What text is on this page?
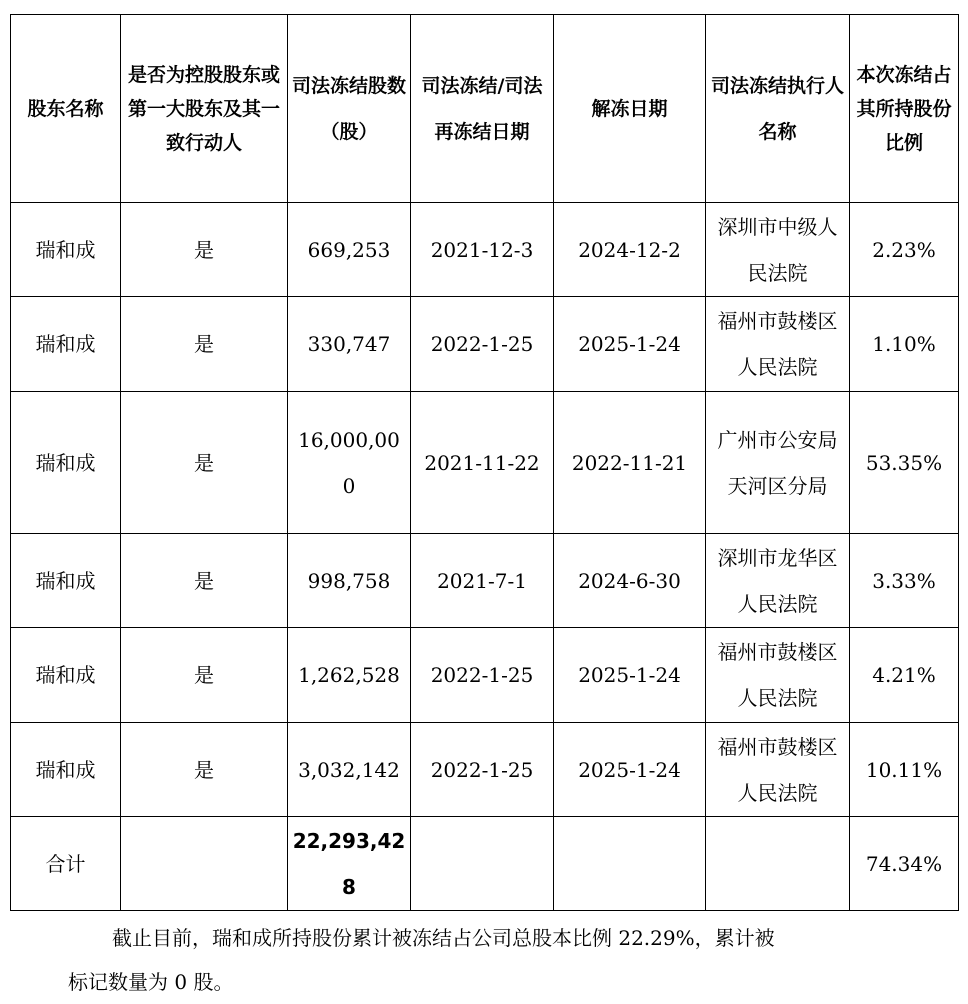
股东名称	是否为控股股东或第一大股东及其一致行动人	司法冻结股数（股）	司法冻结/司法再冻结日期	解冻日期	司法冻结执行人名称	本次冻结占其所持股份比例
瑞和成	是	669,253	2021-12-3	2024-12-2	深圳市中级人民法院	2.23%
瑞和成	是	330,747	2022-1-25	2025-1-24	福州市鼓楼区人民法院	1.10%
瑞和成	是	16,000,000	2021-11-22	2022-11-21	广州市公安局天河区分局	53.35%
瑞和成	是	998,758	2021-7-1	2024-6-30	深圳市龙华区人民法院	3.33%
瑞和成	是	1,262,528	2022-1-25	2025-1-24	福州市鼓楼区人民法院	4.21%
瑞和成	是	3,032,142	2022-1-25	2025-1-24	福州市鼓楼区人民法院	10.11%
合计		22,293,428				74.34%
截止目前，瑞和成所持股份累计被冻结占公司总股本比例 22.29%，累计被
标记数量为 0 股。
